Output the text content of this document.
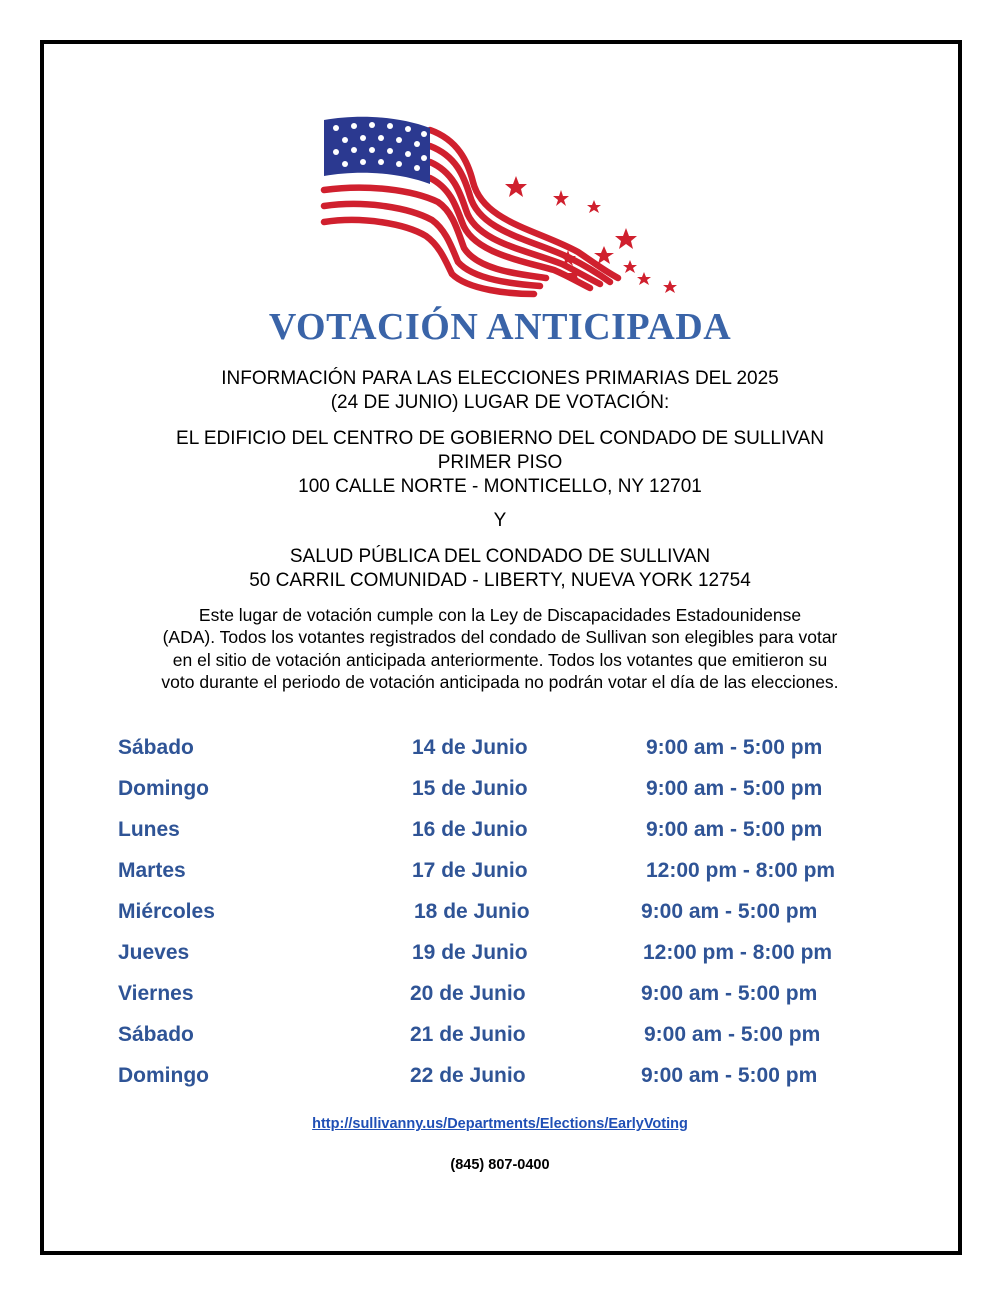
VOTACIÓN ANTICIPADA
INFORMACIÓN PARA LAS ELECCIONES PRIMARIAS DEL 2025
(24 DE JUNIO) LUGAR DE VOTACIÓN:
EL EDIFICIO DEL CENTRO DE GOBIERNO DEL CONDADO DE SULLIVAN
PRIMER PISO
100 CALLE NORTE - MONTICELLO, NY 12701
Y
SALUD PÚBLICA DEL CONDADO DE SULLIVAN
50 CARRIL COMUNIDAD - LIBERTY, NUEVA YORK 12754
Este lugar de votación cumple con la Ley de Discapacidades Estadounidense
(ADA). Todos los votantes registrados del condado de Sullivan son elegibles para votar
en el sitio de votación anticipada anteriormente. Todos los votantes que emitieron su
voto durante el periodo de votación anticipada no podrán votar el día de las elecciones.
Sábado	14 de Junio	9:00 am - 5:00 pm
Domingo	15 de Junio	9:00 am - 5:00 pm
Lunes	16 de Junio	9:00 am - 5:00 pm
Martes	17 de Junio	12:00 pm - 8:00 pm
Miércoles	18 de Junio	9:00 am - 5:00 pm
Jueves	19 de Junio	12:00 pm - 8:00 pm
Viernes	20 de Junio	9:00 am - 5:00 pm
Sábado	21 de Junio	9:00 am - 5:00 pm
Domingo	22 de Junio	9:00 am - 5:00 pm
http://sullivanny.us/Departments/Elections/EarlyVoting
(845) 807-0400
